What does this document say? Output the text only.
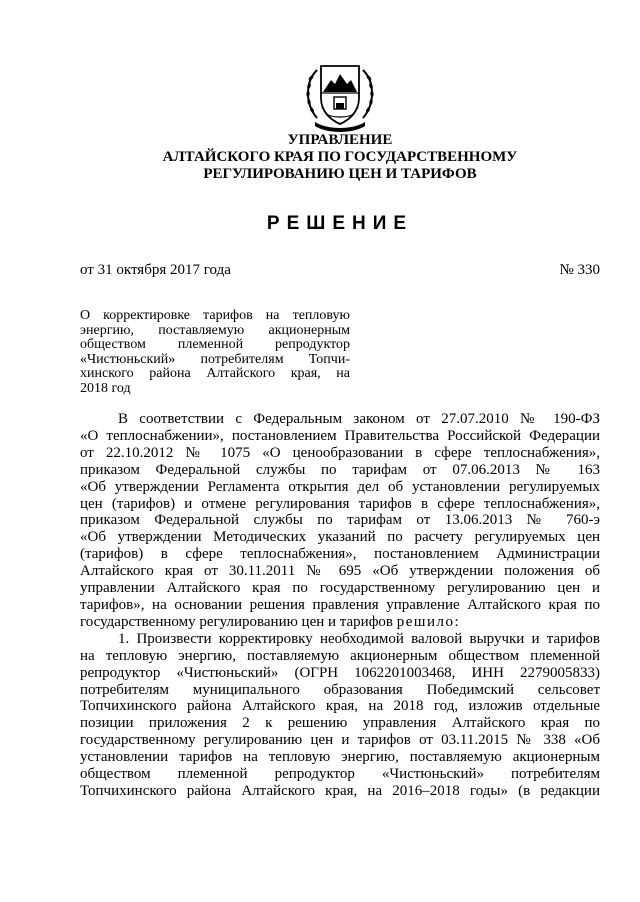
УПРАВЛЕНИЕ
АЛТАЙСКОГО КРАЯ ПО ГОСУДАРСТВЕННОМУ
РЕГУЛИРОВАНИЮ ЦЕН И ТАРИФОВ
РЕШЕНИЕ
от 31 октября 2017 года	№ 330
О корректировке тарифов на тепловую
энергию, поставляемую акционерным
обществом племенной репродуктор
«Чистюньский» потребителям Топчи-
хинского района Алтайского края, на
2018 год
В соответствии с Федеральным законом от 27.07.2010 № 190-ФЗ
«О теплоснабжении», постановлением Правительства Российской Федерации
от 22.10.2012 № 1075 «О ценообразовании в сфере теплоснабжения»,
приказом Федеральной службы по тарифам от 07.06.2013 № 163
«Об утверждении Регламента открытия дел об установлении регулируемых
цен (тарифов) и отмене регулирования тарифов в сфере теплоснабжения»,
приказом Федеральной службы по тарифам от 13.06.2013 № 760-э
«Об утверждении Методических указаний по расчету регулируемых цен
(тарифов) в сфере теплоснабжения», постановлением Администрации
Алтайского края от 30.11.2011 № 695 «Об утверждении положения об
управлении Алтайского края по государственному регулированию цен и
тарифов», на основании решения правления управление Алтайского края по
государственному регулированию цен и тарифов решило:
1. Произвести корректировку необходимой валовой выручки и тарифов
на тепловую энергию, поставляемую акционерным обществом племенной
репродуктор «Чистюньский» (ОГРН 1062201003468, ИНН 2279005833)
потребителям муниципального образования Победимский сельсовет
Топчихинского района Алтайского края, на 2018 год, изложив отдельные
позиции приложения 2 к решению управления Алтайского края по
государственному регулированию цен и тарифов от 03.11.2015 № 338 «Об
установлении тарифов на тепловую энергию, поставляемую акционерным
обществом племенной репродуктор «Чистюньский» потребителям
Топчихинского района Алтайского края, на 2016–2018 годы» (в редакции
